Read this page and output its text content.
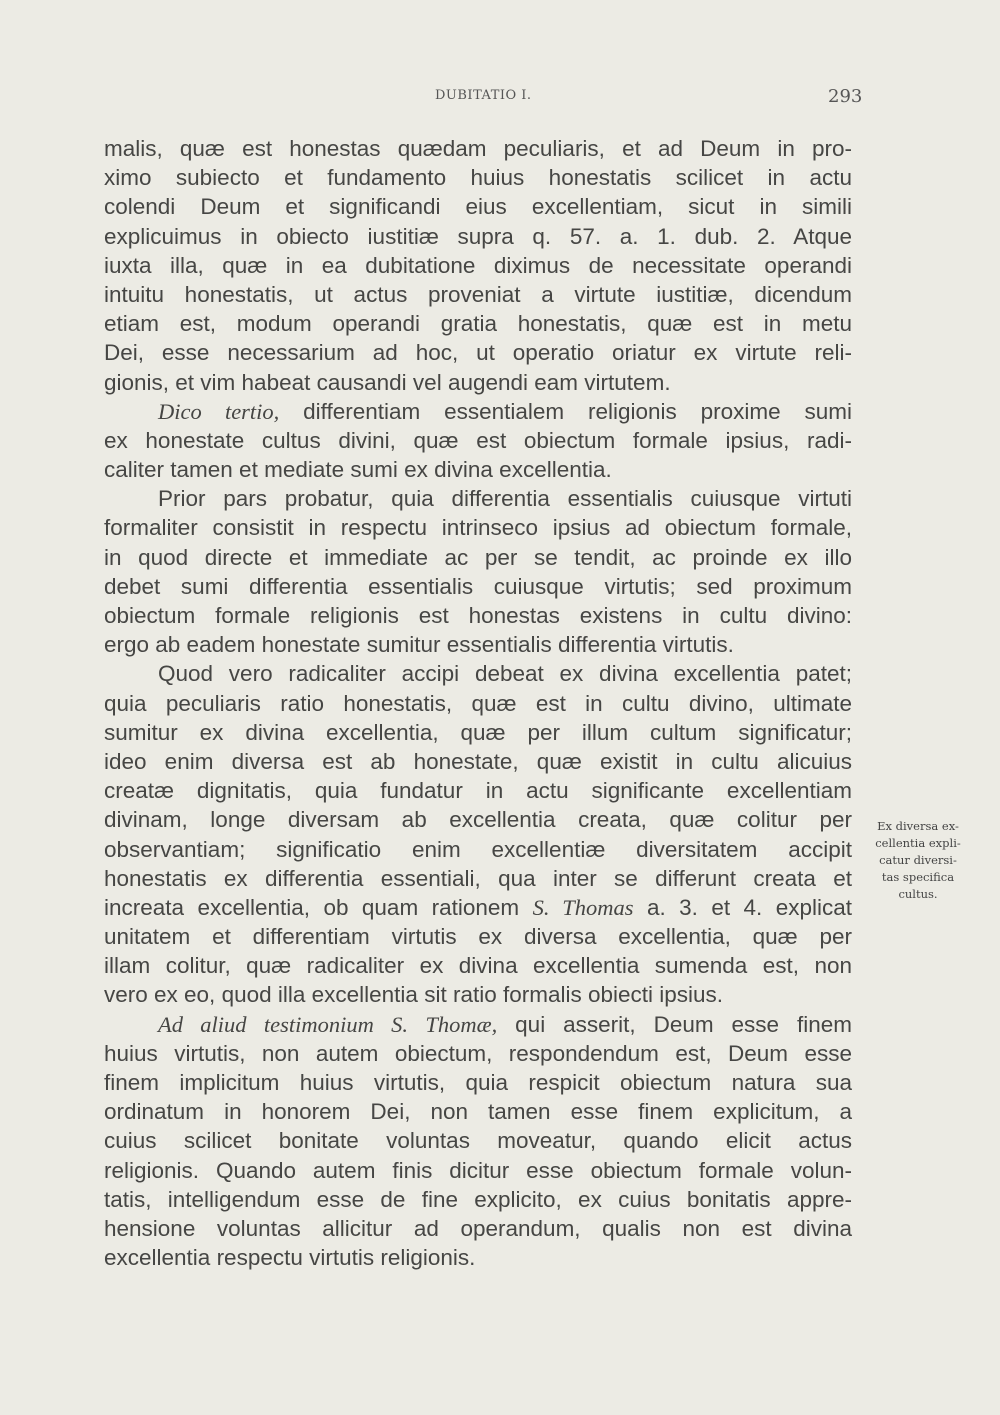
DUBITATIO I.	293
malis, quæ est honestas quædam peculiaris, et ad Deum in pro-
ximo subiecto et fundamento huius honestatis scilicet in actu
colendi Deum et significandi eius excellentiam, sicut in simili
explicuimus in obiecto iustitiæ supra q. 57. a. 1. dub. 2. Atque
iuxta illa, quæ in ea dubitatione diximus de necessitate operandi
intuitu honestatis, ut actus proveniat a virtute iustitiæ, dicendum
etiam est, modum operandi gratia honestatis, quæ est in metu
Dei, esse necessarium ad hoc, ut operatio oriatur ex virtute reli-
gionis, et vim habeat causandi vel augendi eam virtutem.
Dico tertio, differentiam essentialem religionis proxime sumi
ex honestate cultus divini, quæ est obiectum formale ipsius, radi-
caliter tamen et mediate sumi ex divina excellentia.
Prior pars probatur, quia differentia essentialis cuiusque virtuti
formaliter consistit in respectu intrinseco ipsius ad obiectum formale,
in quod directe et immediate ac per se tendit, ac proinde ex illo
debet sumi differentia essentialis cuiusque virtutis; sed proximum
obiectum formale religionis est honestas existens in cultu divino:
ergo ab eadem honestate sumitur essentialis differentia virtutis.
Quod vero radicaliter accipi debeat ex divina excellentia patet;
quia peculiaris ratio honestatis, quæ est in cultu divino, ultimate
sumitur ex divina excellentia, quæ per illum cultum significatur;
ideo enim diversa est ab honestate, quæ existit in cultu alicuius
creatæ dignitatis, quia fundatur in actu significante excellentiam
divinam, longe diversam ab excellentia creata, quæ colitur per
observantiam; significatio enim excellentiæ diversitatem accipit
honestatis ex differentia essentiali, qua inter se differunt creata et
increata excellentia, ob quam rationem S. Thomas a. 3. et 4. explicat
unitatem et differentiam virtutis ex diversa excellentia, quæ per
illam colitur, quæ radicaliter ex divina excellentia sumenda est, non
vero ex eo, quod illa excellentia sit ratio formalis obiecti ipsius.
Ad aliud testimonium S. Thomæ, qui asserit, Deum esse finem
huius virtutis, non autem obiectum, respondendum est, Deum esse
finem implicitum huius virtutis, quia respicit obiectum natura sua
ordinatum in honorem Dei, non tamen esse finem explicitum, a
cuius scilicet bonitate voluntas moveatur, quando elicit actus
religionis. Quando autem finis dicitur esse obiectum formale volun-
tatis, intelligendum esse de fine explicito, ex cuius bonitatis appre-
hensione voluntas allicitur ad operandum, qualis non est divina
excellentia respectu virtutis religionis.
Ex diversa ex-
cellentia expli-
catur diversi-
tas specifica
cultus.
